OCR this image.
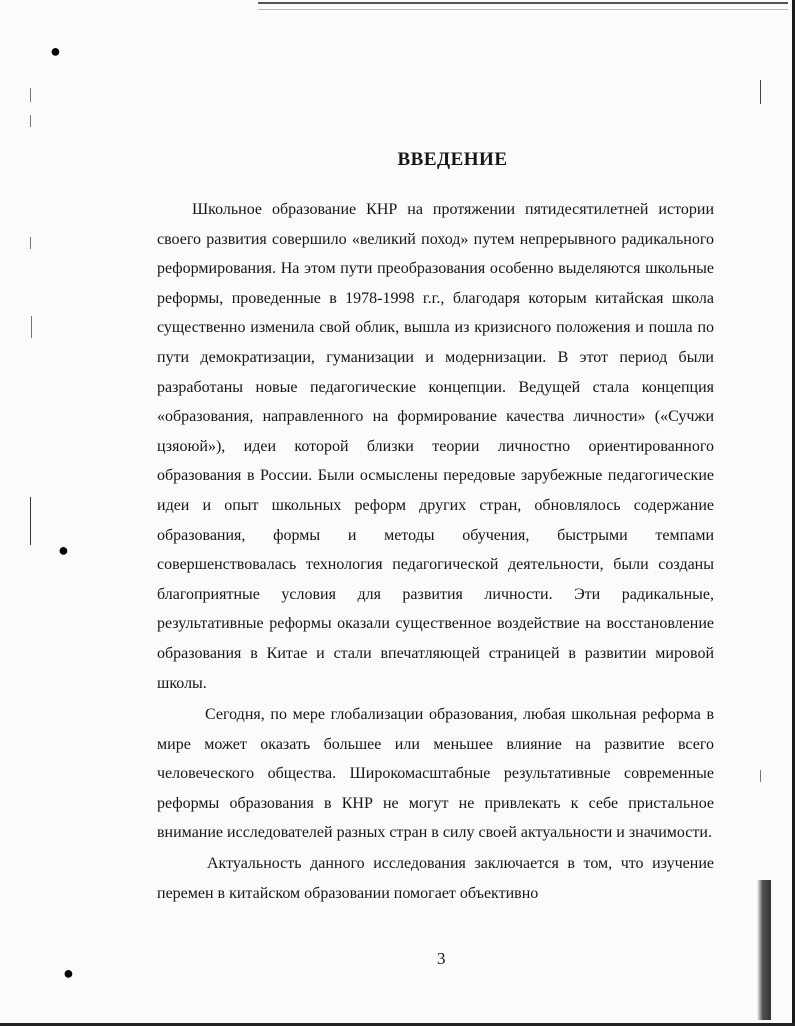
●
●
●
ВВЕДЕНИЕ

Школьное образование КНР на протяжении пятидесятилетней истории своего развития совершило «великий поход» путем непрерывного радикального реформирования. На этом пути преобразования особенно выделяются школьные реформы, проведенные в 1978-1998 г.г., благодаря которым китайская школа существенно изменила свой облик, вышла из кризисного положения и пошла по пути демократизации, гуманизации и модернизации. В этот период были разработаны новые педагогические концепции. Ведущей стала концепция «образования, направленного на формирование качества личности» («Сучжи цзяоюй»), идеи которой близки теории личностно ориентированного образования в России. Были осмыслены передовые зарубежные педагогические идеи и опыт школьных реформ других стран, обновлялось содержание образования, формы и методы обучения, быстрыми темпами совершенствовалась технология педагогической деятельности, были созданы благоприятные условия для развития личности. Эти радикальные, результативные реформы оказали существенное воздействие на восстановление образования в Китае и стали впечатляющей страницей в развитии мировой школы.

Сегодня, по мере глобализации образования, любая школьная реформа в мире может оказать большее или меньшее влияние на развитие всего человеческого общества. Широкомасштабные результативные современные реформы образования в КНР не могут не привлекать к себе пристальное внимание исследователей разных стран в силу своей актуальности и значимости.

Актуальность данного исследования заключается в том, что изучение перемен в китайском образовании помогает объективно

3
